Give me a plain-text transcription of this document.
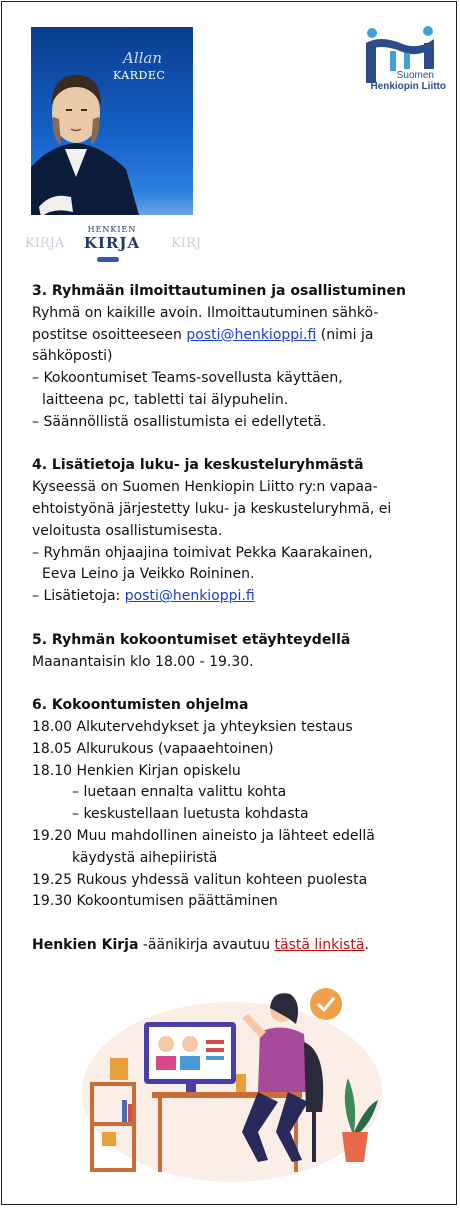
Allan
KARDEC
KIRJA	KIRJ
HENKIEN
KIRJA
Suomen
Henkiopin Liitto

3. Ryhmään ilmoittautuminen ja osallistuminen

Ryhmä on kaikille avoin. Ilmoittautuminen sähkö-

postitse osoitteeseen posti@henkioppi.fi (nimi ja

sähköposti)

– Kokoontumiset Teams-sovellusta käyttäen,

laitteena pc, tabletti tai älypuhelin.

– Säännöllistä osallistumista ei edellytetä.

4. Lisätietoja luku- ja keskusteluryhmästä

Kyseessä on Suomen Henkiopin Liitto ry:n vapaa-

ehtoistyönä järjestetty luku- ja keskusteluryhmä, ei

veloitusta osallistumisesta.

– Ryhmän ohjaajina toimivat Pekka Kaarakainen,

Eeva Leino ja Veikko Roininen.

– Lisätietoja: posti@henkioppi.fi

5. Ryhmän kokoontumiset etäyhteydellä

Maanantaisin klo 18.00 - 19.30.

6. Kokoontumisten ohjelma

18.00 Alkutervehdykset ja yhteyksien testaus

18.05 Alkurukous (vapaaehtoinen)

18.10 Henkien Kirjan opiskelu

– luetaan ennalta valittu kohta

– keskustellaan luetusta kohdasta

19.20 Muu mahdollinen aineisto ja lähteet edellä

käydystä aihepiiristä

19.25 Rukous yhdessä valitun kohteen puolesta

19.30 Kokoontumisen päättäminen

Henkien Kirja -äänikirja avautuu tästä linkistä.
